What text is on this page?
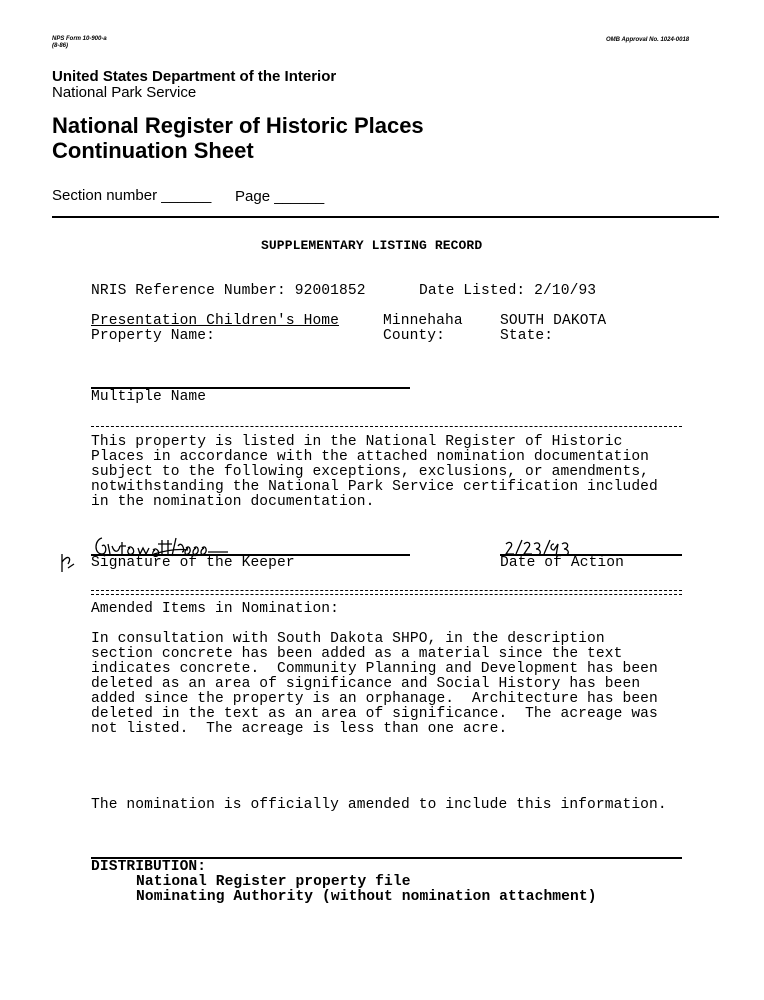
NPS Form 10-900-a
(8-86)
OMB Approval No. 1024-0018
United States Department of the Interior
National Park Service
National Register of Historic Places
Continuation Sheet
Section number ______ Page ______
SUPPLEMENTARY LISTING RECORD
NRIS Reference Number: 92001852	Date Listed: 2/10/93
Presentation Children's Home
Property Name:
Minnehaha
County:
SOUTH DAKOTA
State:
Multiple Name
This property is listed in the National Register of Historic
Places in accordance with the attached nomination documentation
subject to the following exceptions, exclusions, or amendments,
notwithstanding the National Park Service certification included
in the nomination documentation.
Signature of the Keeper	Date of Action
Amended Items in Nomination:
In consultation with South Dakota SHPO, in the description
section concrete has been added as a material since the text
indicates concrete.  Community Planning and Development has been
deleted as an area of significance and Social History has been
added since the property is an orphanage.  Architecture has been
deleted in the text as an area of significance.  The acreage was
not listed.  The acreage is less than one acre.
The nomination is officially amended to include this information.
DISTRIBUTION:
National Register property file
Nominating Authority (without nomination attachment)
